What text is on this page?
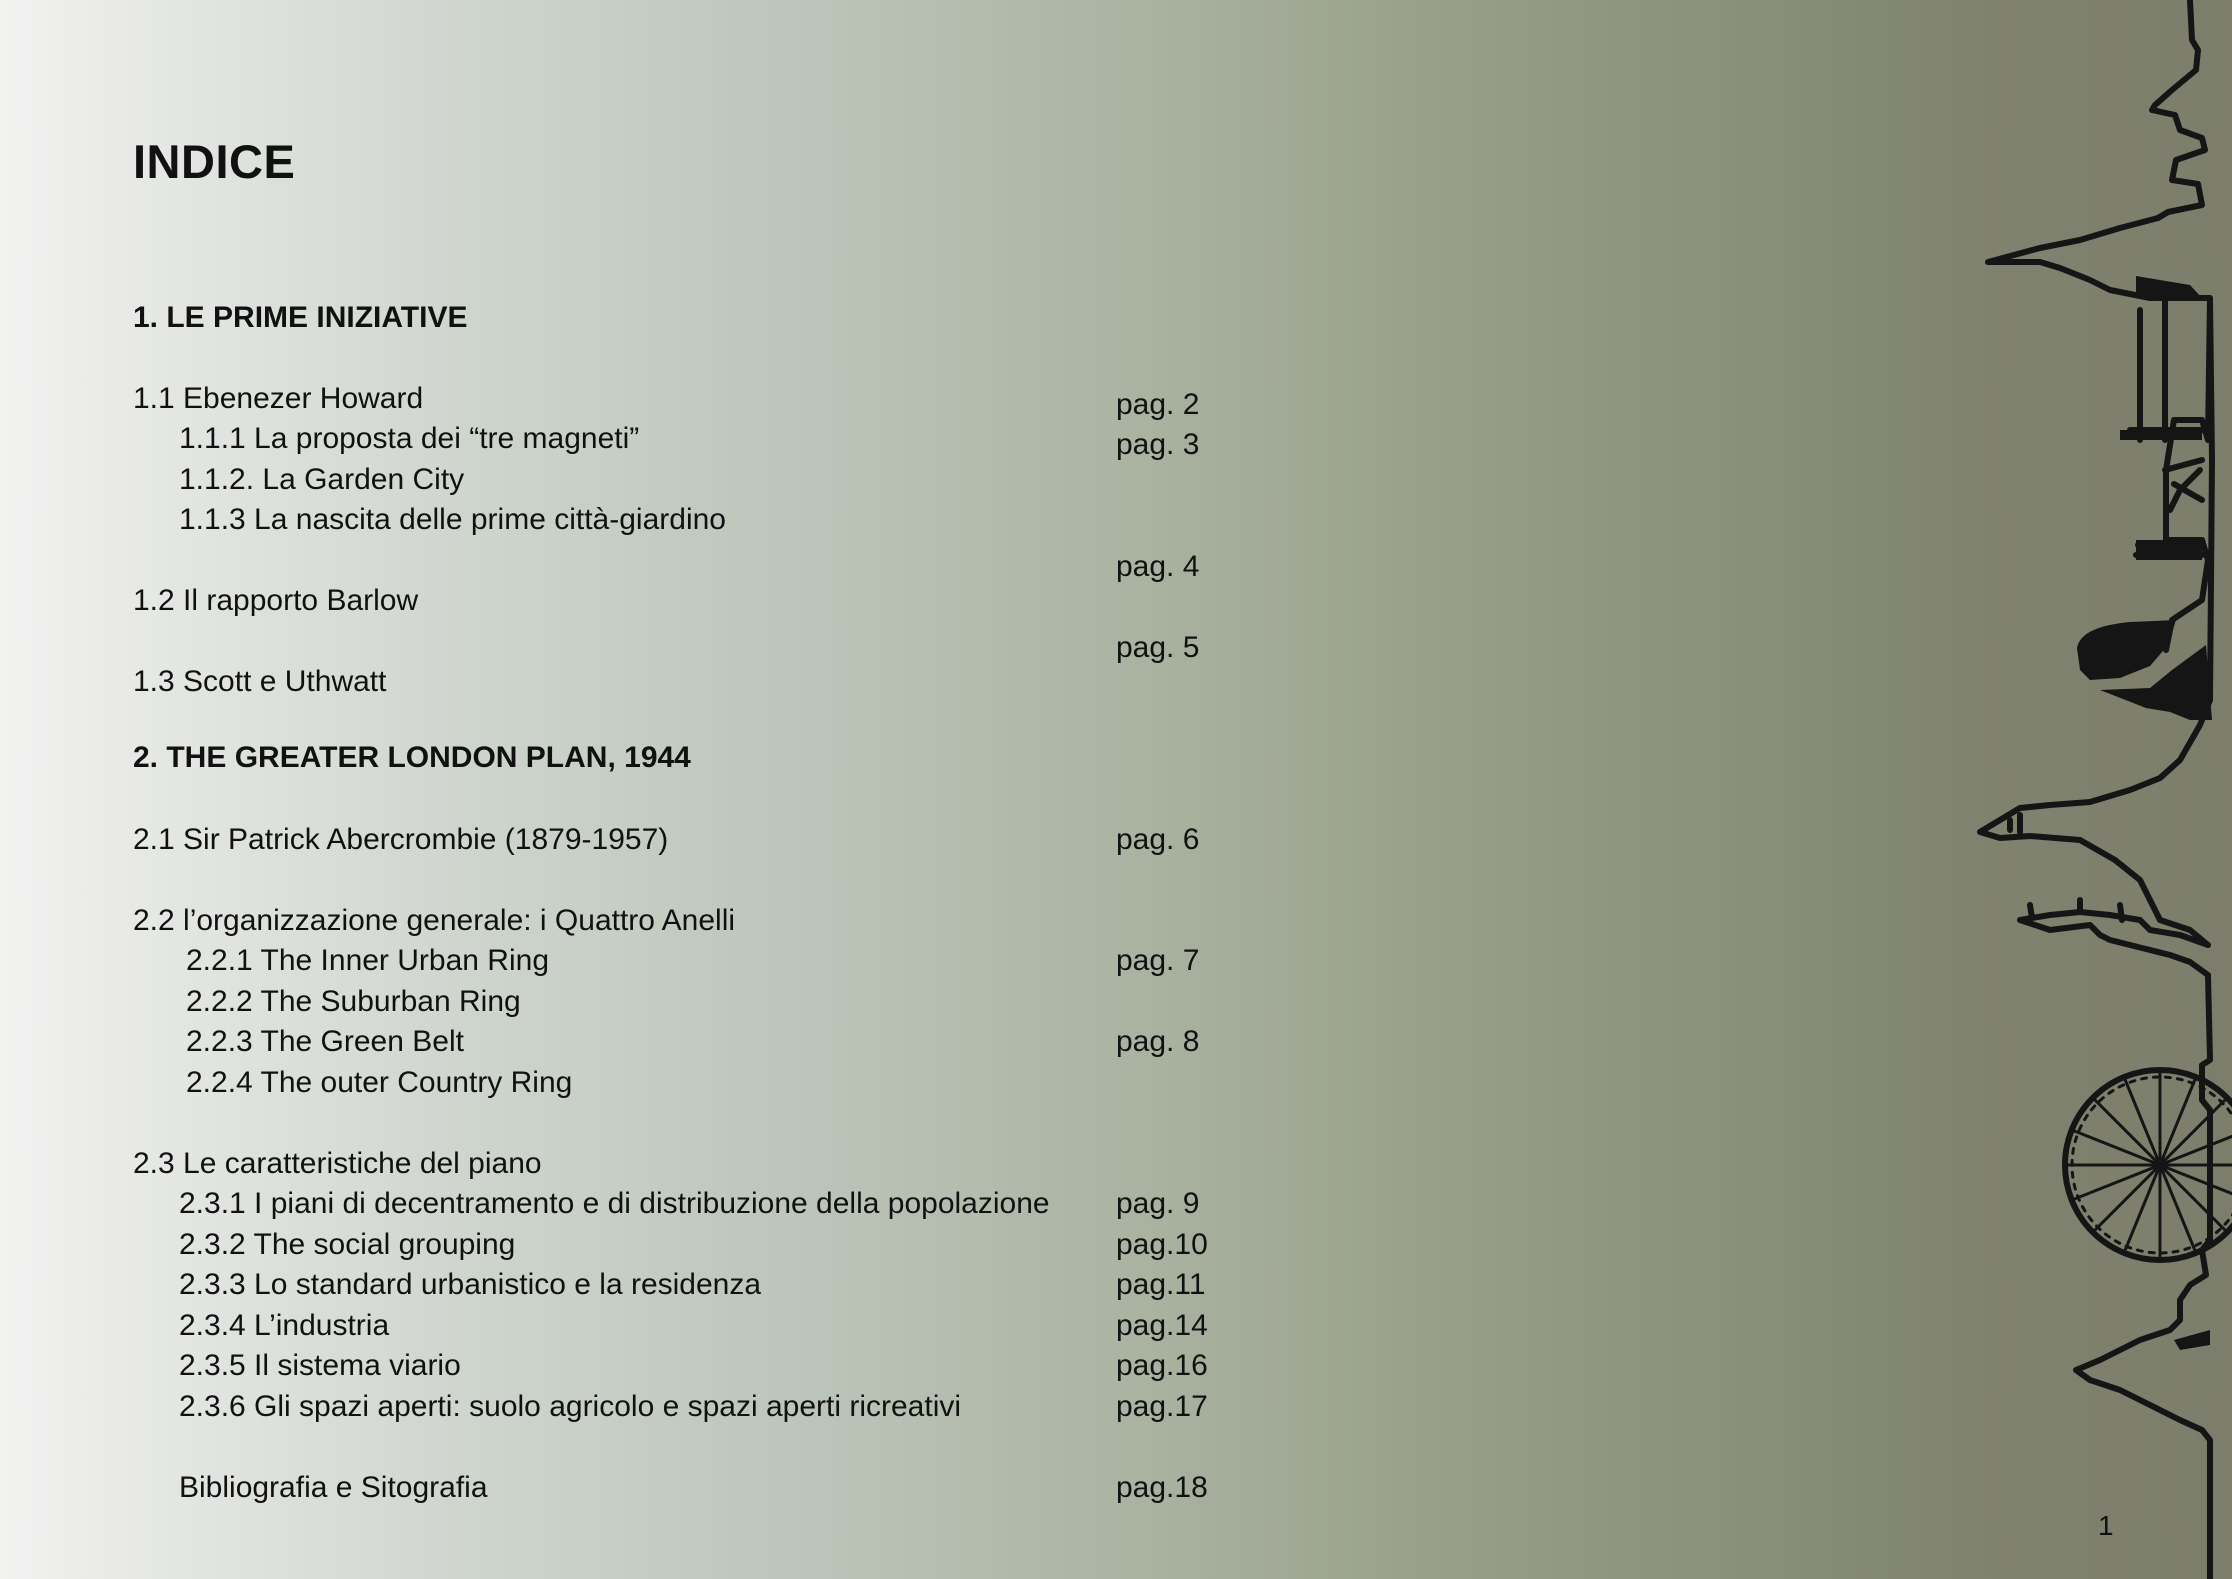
INDICE
1. LE PRIME INIZIATIVE
2. THE GREATER LONDON PLAN, 1944
1.1 Ebenezer Howard
1.1.1 La proposta dei “tre magneti”
1.1.2. La Garden City
1.1.3 La nascita delle prime città-giardino
1.2 Il rapporto Barlow
1.3 Scott e Uthwatt
2.1 Sir Patrick Abercrombie (1879-1957)
2.2 l’organizzazione generale: i Quattro Anelli
2.2.1 The Inner Urban Ring
2.2.2 The Suburban Ring
2.2.3 The Green Belt
2.2.4 The outer Country Ring
2.3 Le caratteristiche del piano
2.3.1 I piani di decentramento e di distribuzione della popolazione
2.3.2 The social grouping
2.3.3 Lo standard urbanistico e la residenza
2.3.4 L’industria
2.3.5 Il sistema viario
2.3.6 Gli spazi aperti: suolo agricolo e spazi aperti ricreativi
Bibliografia e Sitografia
pag. 2
pag. 3
pag. 4
pag. 5
pag. 6
pag. 7
pag. 8
pag. 9
pag.10
pag.11
pag.14
pag.16
pag.17
pag.18
1
